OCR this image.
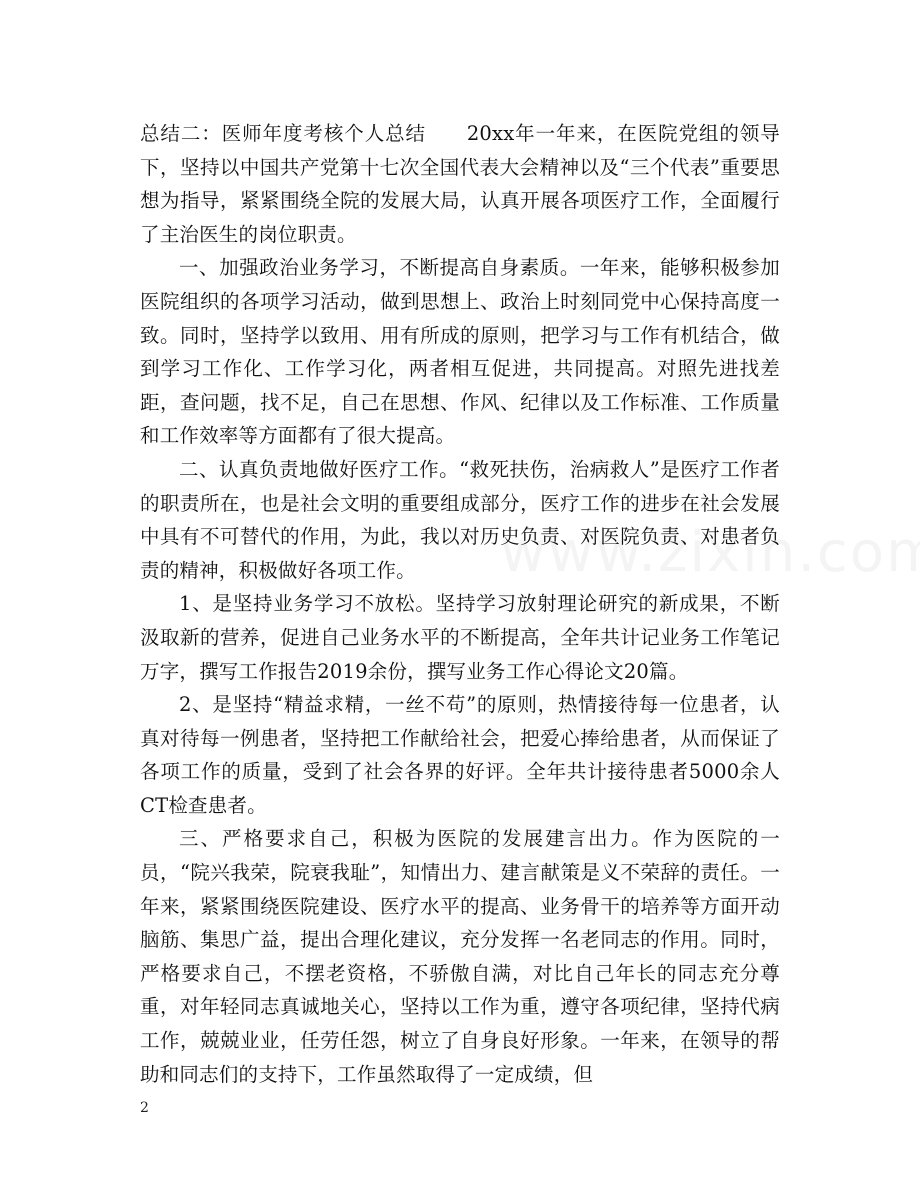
总结二：医师年度考核个人总结　　20xx年一年来，在医院党组的领导下，坚持以中国共产党第十七次全国代表大会精神以及“三个代表”重要思想为指导，紧紧围绕全院的发展大局，认真开展各项医疗工作，全面履行了主治医生的岗位职责。

一、加强政治业务学习，不断提高自身素质。一年来，能够积极参加医院组织的各项学习活动，做到思想上、政治上时刻同党中心保持高度一致。同时，坚持学以致用、用有所成的原则，把学习与工作有机结合，做到学习工作化、工作学习化，两者相互促进，共同提高。对照先进找差距，查问题，找不足，自己在思想、作风、纪律以及工作标准、工作质量和工作效率等方面都有了很大提高。

二、认真负责地做好医疗工作。“救死扶伤，治病救人”是医疗工作者的职责所在，也是社会文明的重要组成部分，医疗工作的进步在社会发展中具有不可替代的作用，为此，我以对历史负责、对医院负责、对患者负责的精神，积极做好各项工作。

1、是坚持业务学习不放松。坚持学习放射理论研究的新成果，不断汲取新的营养，促进自己业务水平的不断提高，全年共计记业务工作笔记万字，撰写工作报告2019余份，撰写业务工作心得论文20篇。

2、是坚持“精益求精，一丝不苟”的原则，热情接待每一位患者，认真对待每一例患者，坚持把工作献给社会，把爱心捧给患者，从而保证了各项工作的质量，受到了社会各界的好评。全年共计接待患者5000余人CT检查患者。

三、严格要求自己，积极为医院的发展建言出力。作为医院的一员，“院兴我荣，院衰我耻”，知情出力、建言献策是义不荣辞的责任。一年来，紧紧围绕医院建设、医疗水平的提高、业务骨干的培养等方面开动脑筋、集思广益，提出合理化建议，充分发挥一名老同志的作用。同时，严格要求自己，不摆老资格，不骄傲自满，对比自己年长的同志充分尊重，对年轻同志真诚地关心，坚持以工作为重，遵守各项纪律，坚持代病工作，兢兢业业，任劳任怨，树立了自身良好形象。一年来，在领导的帮助和同志们的支持下，工作虽然取得了一定成绩，但

2
